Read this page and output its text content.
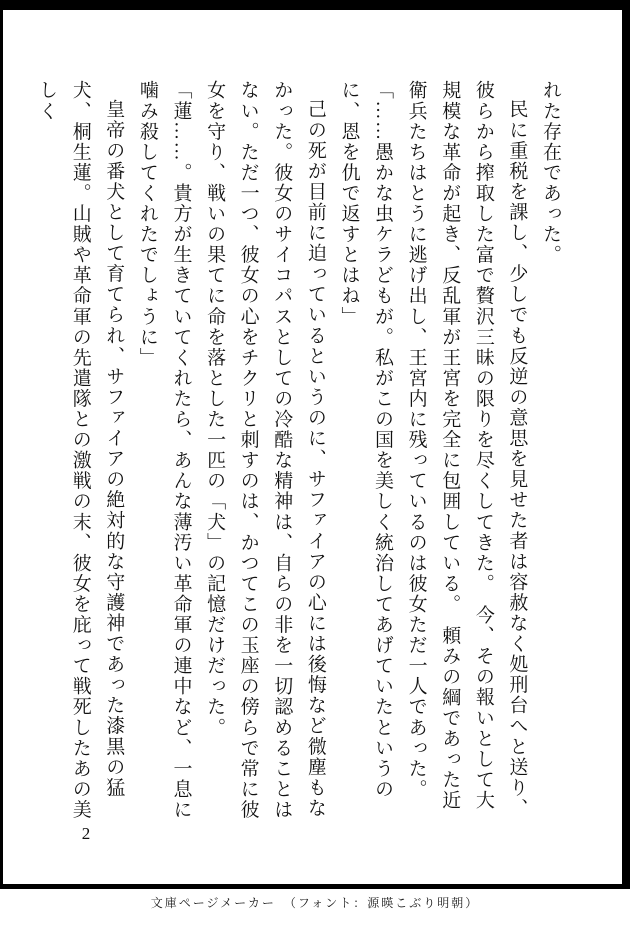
れた存在であった。

民に重税を課し、少しでも反逆の意思を見せた者は容赦なく処刑台へと送り、彼らから搾取した富で贅沢三昧の限りを尽くしてきた。　今、その報いとして大規模な革命が起き、反乱軍が王宮を完全に包囲している。　頼みの綱であった近衛兵たちはとうに逃げ出し、王宮内に残っているのは彼女ただ一人であった。

「……愚かな虫ケラどもが。私がこの国を美しく統治してあげていたというのに、恩を仇で返すとはね」

己の死が目前に迫っているというのに、サファイアの心には後悔など微塵もなかった。彼女のサイコパスとしての冷酷な精神は、自らの非を一切認めることはない。ただ一つ、彼女の心をチクリと刺すのは、かつてこの玉座の傍らで常に彼女を守り、戦いの果てに命を落とした一匹の「犬」の記憶だけだった。

「蓮……。貴方が生きていてくれたら、あんな薄汚い革命軍の連中など、一息に噛み殺してくれたでしょうに」

皇帝の番犬として育てられ、サファイアの絶対的な守護神であった漆黒の猛犬、桐生蓮。山賊や革命軍の先遣隊との激戦の末、彼女を庇って戦死したあの美しく

2
文庫ページメーカー　（フォント：源暎こぶり明朝）
